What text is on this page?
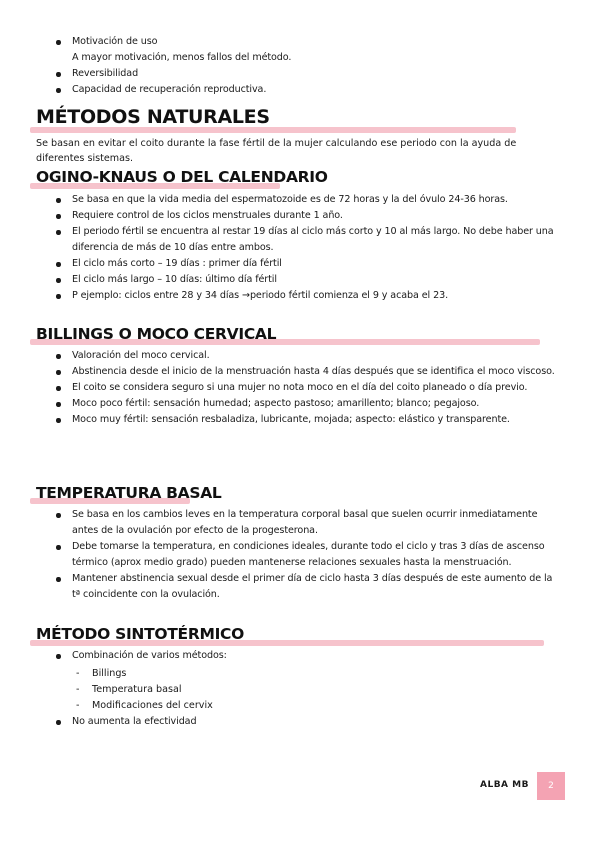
Motivación de uso
A mayor motivación, menos fallos del método.
Reversibilidad
Capacidad de recuperación reproductiva.
MÉTODOS NATURALES
Se basan en evitar el coito durante la fase fértil de la mujer calculando ese periodo con la ayuda de diferentes sistemas.
OGINO-KNAUS O DEL CALENDARIO
Se basa en que la vida media del espermatozoide es de 72 horas y la del óvulo 24-36 horas.
Requiere control de los ciclos menstruales durante 1 año.
El periodo fértil se encuentra al restar 19 días al ciclo más corto y 10 al más largo. No debe haber una diferencia de más de 10 días entre ambos.
El ciclo más corto – 19 días : primer día fértil
El ciclo más largo – 10 días: último día fértil
P ejemplo: ciclos entre 28 y 34 días →periodo fértil comienza el 9 y acaba el 23.
BILLINGS O MOCO CERVICAL
Valoración del moco cervical.
Abstinencia desde el inicio de la menstruación hasta 4 días después que se identifica el moco viscoso.
El coito se considera seguro si una mujer no nota moco en el día del coito planeado o día previo.
Moco poco fértil: sensación humedad; aspecto pastoso; amarillento; blanco; pegajoso.
Moco muy fértil: sensación resbaladiza, lubricante, mojada; aspecto: elástico y transparente.
TEMPERATURA BASAL
Se basa en los cambios leves en la temperatura corporal basal que suelen ocurrir inmediatamente antes de la ovulación por efecto de la progesterona.
Debe tomarse la temperatura, en condiciones ideales, durante todo el ciclo y tras 3 días de ascenso térmico (aprox medio grado) pueden mantenerse relaciones sexuales hasta la menstruación.
Mantener abstinencia sexual desde el primer día de ciclo hasta 3 días después de este aumento de la tª coincidente con la ovulación.
MÉTODO SINTOTÉRMICO
Combinación de varios métodos:
- Billings
- Temperatura basal
- Modificaciones del cervix
No aumenta la efectividad
ALBA MB	2
